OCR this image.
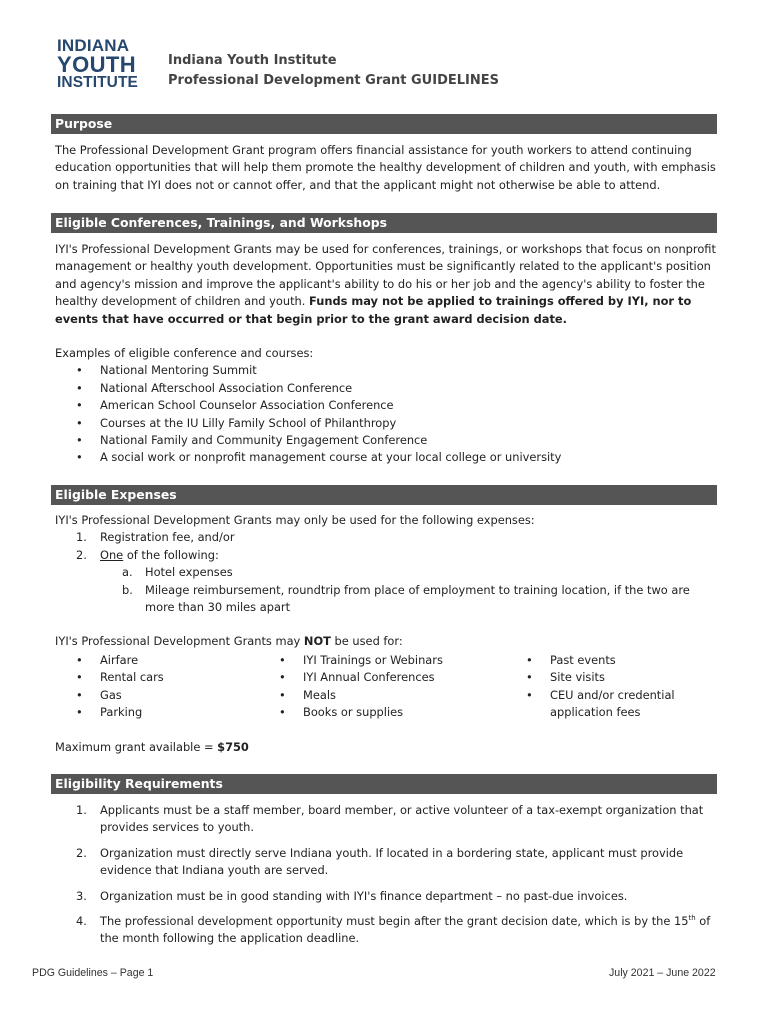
INDIANA
YOUTH
INSTITUTE
Indiana Youth Institute
Professional Development Grant GUIDELINES
Purpose

The Professional Development Grant program offers financial assistance for youth workers to attend continuing education opportunities that will help them promote the healthy development of children and youth, with emphasis on training that IYI does not or cannot offer, and that the applicant might not otherwise be able to attend.

Eligible Conferences, Trainings, and Workshops

IYI's Professional Development Grants may be used for conferences, trainings, or workshops that focus on nonprofit management or healthy youth development. Opportunities must be significantly related to the applicant's position and agency's mission and improve the applicant's ability to do his or her job and the agency's ability to foster the healthy development of children and youth. Funds may not be applied to trainings offered by IYI, nor to events that have occurred or that begin prior to the grant award decision date.

Examples of eligible conference and courses:

• National Mentoring Summit
• National Afterschool Association Conference
• American School Counselor Association Conference
• Courses at the IU Lilly Family School of Philanthropy
• National Family and Community Engagement Conference
• A social work or nonprofit management course at your local college or university
Eligible Expenses

IYI's Professional Development Grants may only be used for the following expenses:

1. Registration fee, and/or
2. One of the following:
a. Hotel expenses
b. Mileage reimbursement, roundtrip from place of employment to training location, if the two are more than 30 miles apart

IYI's Professional Development Grants may NOT be used for:

• Airfare
• Rental cars
• Gas
• Parking
• IYI Trainings or Webinars
• IYI Annual Conferences
• Meals
• Books or supplies
• Past events
• Site visits
• CEU and/or credential application fees

Maximum grant available = $750

Eligibility Requirements
1. Applicants must be a staff member, board member, or active volunteer of a tax-exempt organization that provides services to youth.
2. Organization must directly serve Indiana youth. If located in a bordering state, applicant must provide evidence that Indiana youth are served.
3. Organization must be in good standing with IYI's finance department – no past-due invoices.
4. The professional development opportunity must begin after the grant decision date, which is by the 15th of the month following the application deadline.
PDG Guidelines – Page 1	July 2021 – June 2022
